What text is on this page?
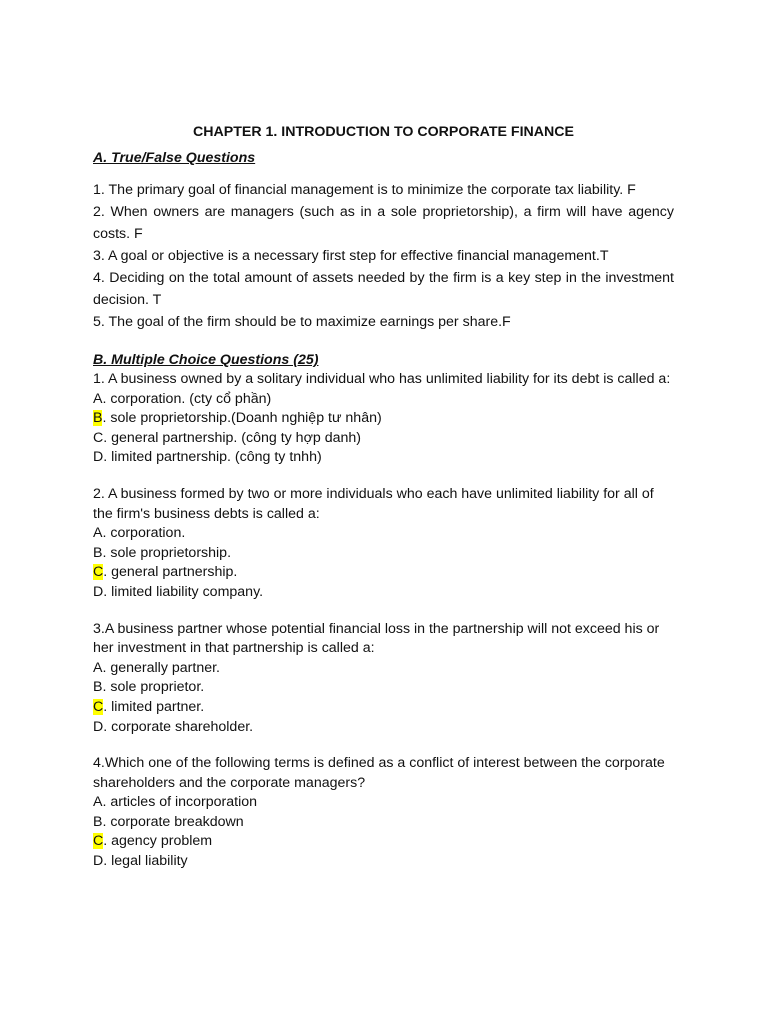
CHAPTER 1. INTRODUCTION TO CORPORATE FINANCE
A. True/False Questions
1. The primary goal of financial management is to minimize the corporate tax liability. F
2. When owners are managers (such as in a sole proprietorship), a firm will have agency costs. F
3. A goal or objective is a necessary first step for effective financial management.T
4. Deciding on the total amount of assets needed by the firm is a key step in the investment decision. T
5. The goal of the firm should be to maximize earnings per share.F
B. Multiple Choice Questions (25)
1. A business owned by a solitary individual who has unlimited liability for its debt is called a:
A. corporation. (cty cổ phần)
B. sole proprietorship.(Doanh nghiệp tư nhân)
C. general partnership. (công ty hợp danh)
D. limited partnership. (công ty tnhh)
2. A business formed by two or more individuals who each have unlimited liability for all of the firm's business debts is called a:
A. corporation.
B. sole proprietorship.
C. general partnership.
D. limited liability company.
3.A business partner whose potential financial loss in the partnership will not exceed his or her investment in that partnership is called a:
A. generally partner.
B. sole proprietor.
C. limited partner.
D. corporate shareholder.
4.Which one of the following terms is defined as a conflict of interest between the corporate shareholders and the corporate managers?
A. articles of incorporation
B. corporate breakdown
C. agency problem
D. legal liability
